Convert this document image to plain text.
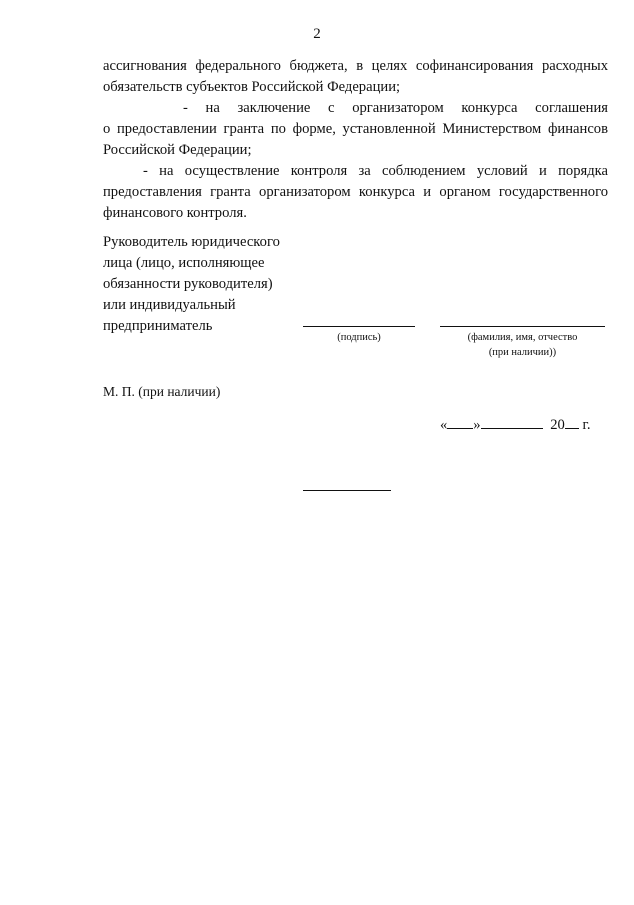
2

ассигнования федерального бюджета, в целях софинансирования расходных

обязательств субъектов Российской Федерации;

- на заключение с организатором конкурса соглашения

о предоставлении гранта по форме, установленной Министерством финансов Российской Федерации;

- на осуществление контроля за соблюдением условий и порядка предоставления гранта организатором конкурса и органом государственного финансового контроля.

Руководитель юридического
лица (лицо, исполняющее
обязанности руководителя)
или индивидуальный
предприниматель
(подпись)	(фамилия, имя, отчество
(при наличии))
М. П. (при наличии)
« »	20 г.
